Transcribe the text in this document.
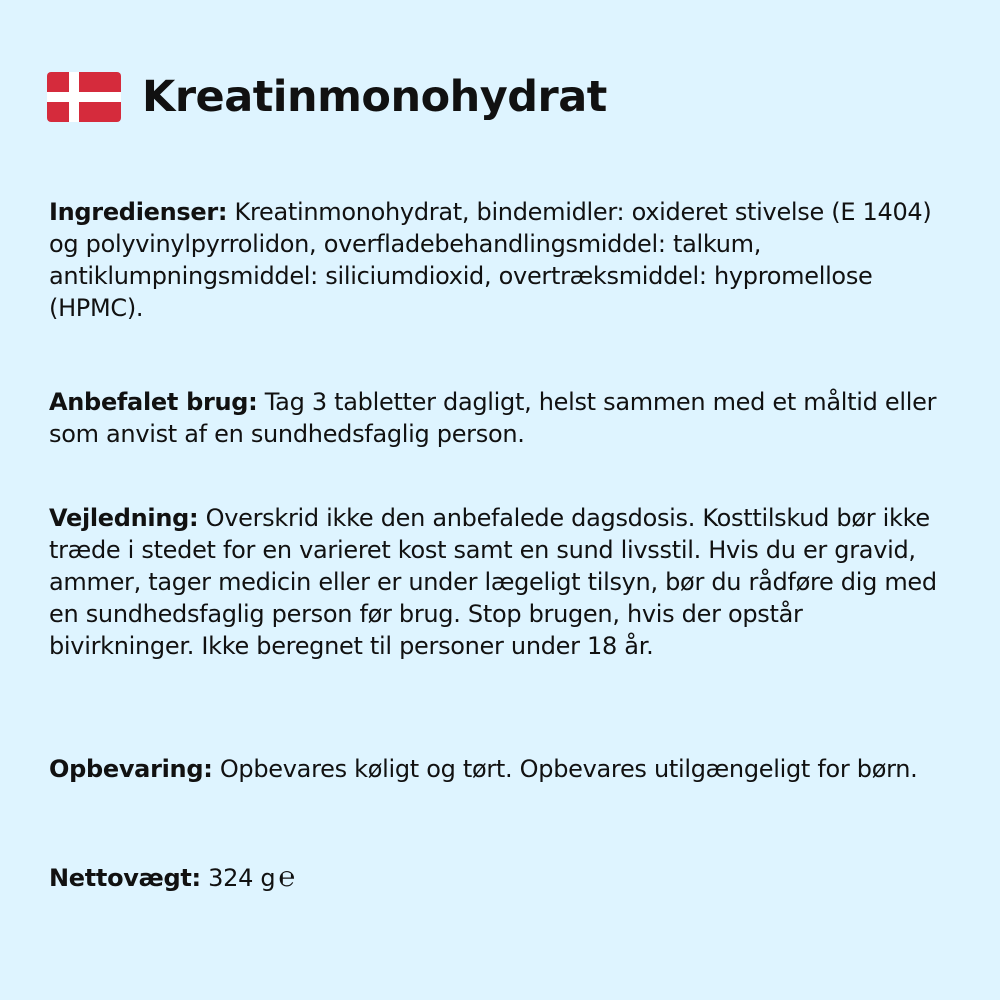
Kreatinmonohydrat

Ingredienser: Kreatinmonohydrat, bindemidler: oxideret stivelse (E 1404) og polyvinylpyrrolidon, overfladebehandlingsmiddel: talkum, antiklumpningsmiddel: siliciumdioxid, overtræksmiddel: hypromellose (HPMC).

Anbefalet brug: Tag 3 tabletter dagligt, helst sammen med et måltid eller som anvist af en sundhedsfaglig person.

Vejledning: Overskrid ikke den anbefalede dagsdosis. Kosttilskud bør ikke træde i stedet for en varieret kost samt en sund livsstil. Hvis du er gravid, ammer, tager medicin eller er under lægeligt tilsyn, bør du rådføre dig med en sundhedsfaglig person før brug. Stop brugen, hvis der opstår bivirkninger. Ikke beregnet til personer under 18 år.

Opbevaring: Opbevares køligt og tørt. Opbevares utilgængeligt for børn.

Nettovægt: 324 g ℮
